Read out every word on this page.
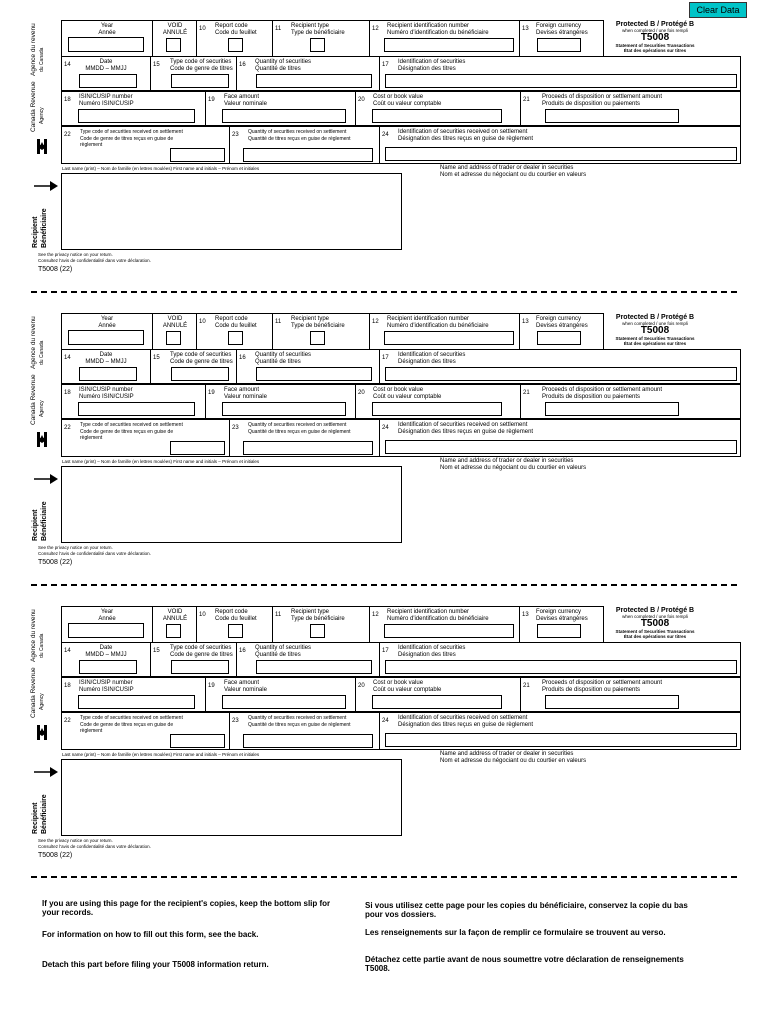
Clear Data
Agence du revenu du Canada
Canada Revenue Agency
Recipient Bénéficiaire
Year
Année
VOID
ANNULÉ
10 Report code
Code du feuillet
11 Recipient type
Type de bénéficiaire
12 Recipient identification number
Numéro d'identification du bénéficiaire
13 Foreign currency
Devises étrangères
Protected B / Protégé B
when completed / une fois rempli
T5008
Statement of Securities Transactions
État des opérations sur titres
14	Date
MMDD – MMJJ
15 Type code of securities
Code de genre de titres
16 Quantity of securities
Quantité de titres
17 Identification of securities
Désignation des titres
18 ISIN/CUSIP number
Numéro ISIN/CUSIP
19 Face amount
Valeur nominale
20 Cost or book value
Coût ou valeur comptable
21 Proceeds of disposition or settlement amount
Produits de disposition ou paiements
22 Type code of securities received on settlement
Code de genre de titres reçus en guise de
règlement
23 Quantity of securities received on settlement
Quantité de titres reçus en guise de règlement
24 Identification of securities received on settlement
Désignation des titres reçus en guise de règlement
Last name (print) – Nom de famille (en lettres moulées) First name and initials – Prénom et initiales	Name and address of trader or dealer in securities
Nom et adresse du négociant ou du courtier en valeurs
See the privacy notice on your return.
Consultez l'avis de confidentialité dans votre déclaration.
T5008 (22)
Agence du revenu du Canada
Canada Revenue Agency
Recipient Bénéficiaire
Year
Année
VOID
ANNULÉ
10 Report code
Code du feuillet
11 Recipient type
Type de bénéficiaire
12 Recipient identification number
Numéro d'identification du bénéficiaire
13 Foreign currency
Devises étrangères
Protected B / Protégé B
when completed / une fois rempli
T5008
Statement of Securities Transactions
État des opérations sur titres
14	Date
MMDD – MMJJ
15 Type code of securities
Code de genre de titres
16 Quantity of securities
Quantité de titres
17 Identification of securities
Désignation des titres
18 ISIN/CUSIP number
Numéro ISIN/CUSIP
19 Face amount
Valeur nominale
20 Cost or book value
Coût ou valeur comptable
21 Proceeds of disposition or settlement amount
Produits de disposition ou paiements
22 Type code of securities received on settlement
Code de genre de titres reçus en guise de
règlement
23 Quantity of securities received on settlement
Quantité de titres reçus en guise de règlement
24 Identification of securities received on settlement
Désignation des titres reçus en guise de règlement
Last name (print) – Nom de famille (en lettres moulées) First name and initials – Prénom et initiales	Name and address of trader or dealer in securities
Nom et adresse du négociant ou du courtier en valeurs
See the privacy notice on your return.
Consultez l'avis de confidentialité dans votre déclaration.
T5008 (22)
Agence du revenu du Canada
Canada Revenue Agency
Recipient Bénéficiaire
Year
Année
VOID
ANNULÉ
10 Report code
Code du feuillet
11 Recipient type
Type de bénéficiaire
12 Recipient identification number
Numéro d'identification du bénéficiaire
13 Foreign currency
Devises étrangères
Protected B / Protégé B
when completed / une fois rempli
T5008
Statement of Securities Transactions
État des opérations sur titres
14	Date
MMDD – MMJJ
15 Type code of securities
Code de genre de titres
16 Quantity of securities
Quantité de titres
17 Identification of securities
Désignation des titres
18 ISIN/CUSIP number
Numéro ISIN/CUSIP
19 Face amount
Valeur nominale
20 Cost or book value
Coût ou valeur comptable
21 Proceeds of disposition or settlement amount
Produits de disposition ou paiements
22 Type code of securities received on settlement
Code de genre de titres reçus en guise de
règlement
23 Quantity of securities received on settlement
Quantité de titres reçus en guise de règlement
24 Identification of securities received on settlement
Désignation des titres reçus en guise de règlement
Last name (print) – Nom de famille (en lettres moulées) First name and initials – Prénom et initiales	Name and address of trader or dealer in securities
Nom et adresse du négociant ou du courtier en valeurs
See the privacy notice on your return.
Consultez l'avis de confidentialité dans votre déclaration.
T5008 (22)
If you are using this page for the recipient's copies, keep the bottom slip for your records.
For information on how to fill out this form, see the back.
Detach this part before filing your T5008 information return.
Si vous utilisez cette page pour les copies du bénéficiaire, conservez la copie du bas pour vos dossiers.
Les renseignements sur la façon de remplir ce formulaire se trouvent au verso.
Détachez cette partie avant de nous soumettre votre déclaration de renseignements T5008.
